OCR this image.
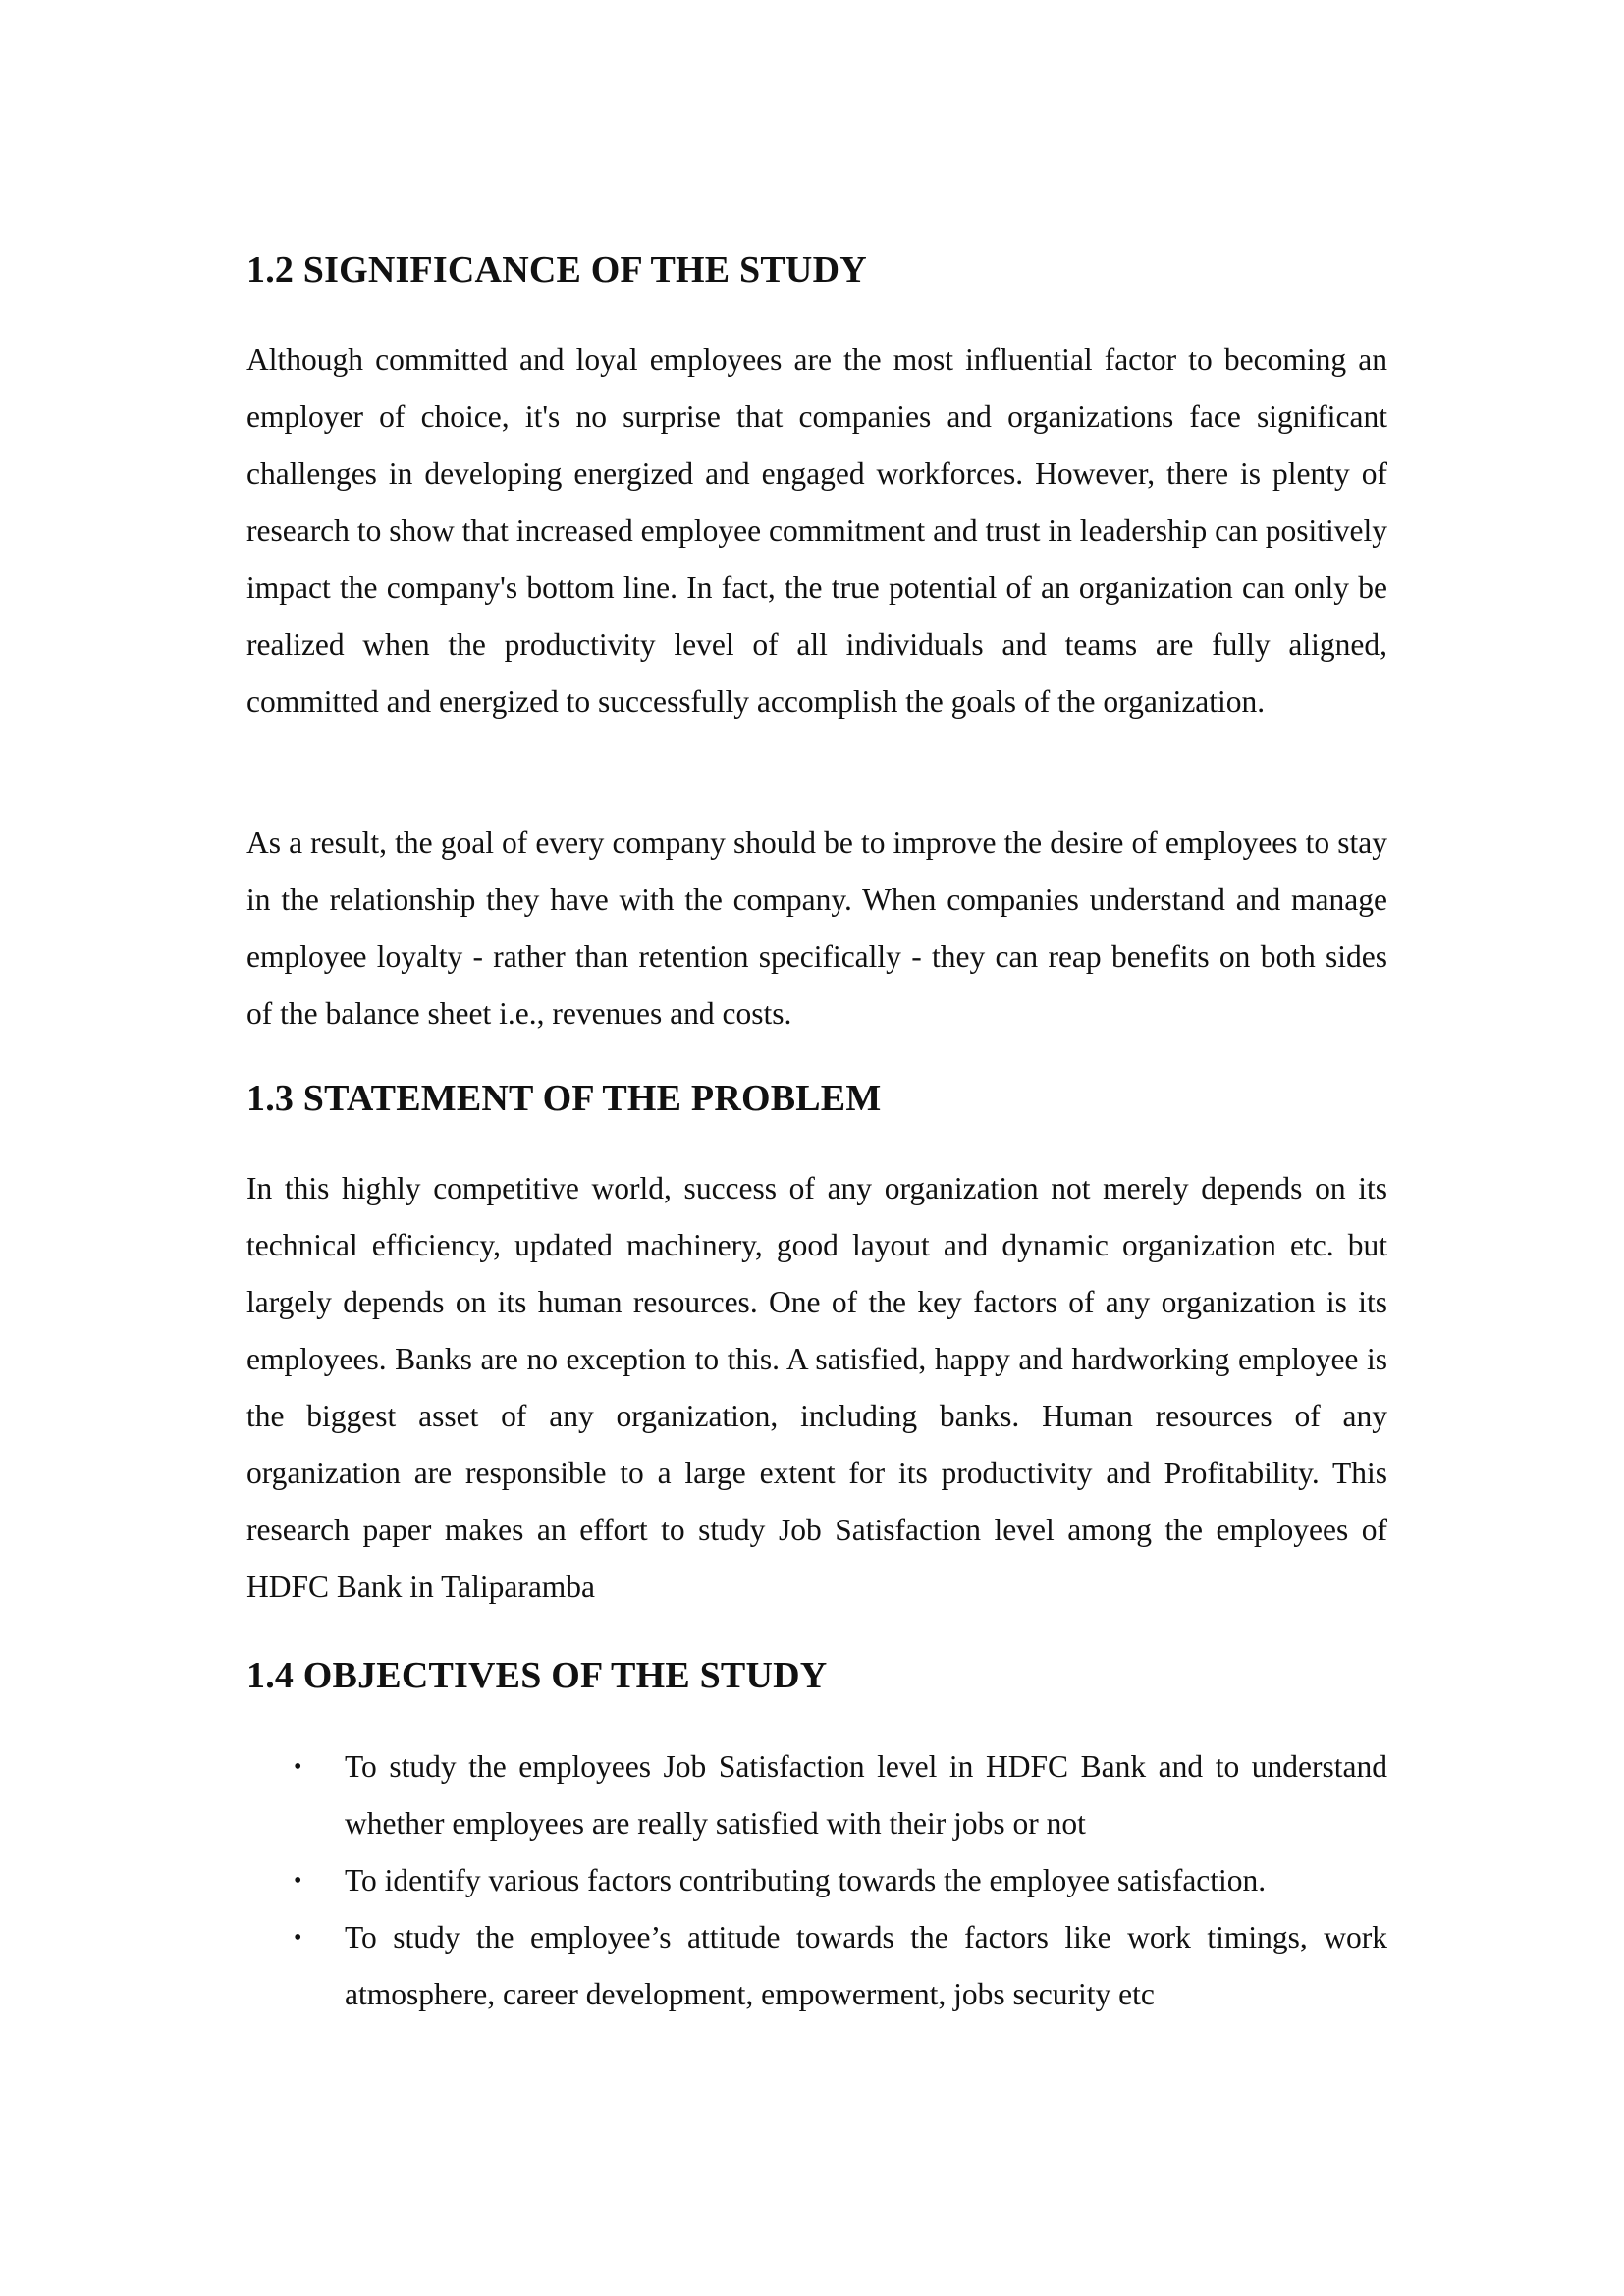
1.2 SIGNIFICANCE OF THE STUDY

Although committed and loyal employees are the most influential factor to becoming an employer of choice, it's no surprise that companies and organizations face significant challenges in developing energized and engaged workforces. However, there is plenty of research to show that increased employee commitment and trust in leadership can positively impact the company's bottom line. In fact, the true potential of an organization can only be realized when the productivity level of all individuals and teams are fully aligned, committed and energized to successfully accomplish the goals of the organization.

As a result, the goal of every company should be to improve the desire of employees to stay in the relationship they have with the company. When companies understand and manage employee loyalty - rather than retention specifically - they can reap benefits on both sides of the balance sheet i.e., revenues and costs.

1.3 STATEMENT OF THE PROBLEM

In this highly competitive world, success of any organization not merely depends on its technical efficiency, updated machinery, good layout and dynamic organization etc. but largely depends on its human resources. One of the key factors of any organization is its employees. Banks are no exception to this. A satisfied, happy and hardworking employee is the biggest asset of any organization, including banks. Human resources of any organization are responsible to a large extent for its productivity and Profitability. This research paper makes an effort to study Job Satisfaction level among the employees of HDFC Bank in Taliparamba

1.4 OBJECTIVES OF THE STUDY
• To study the employees Job Satisfaction level in HDFC Bank and to understand whether employees are really satisfied with their jobs or not
• To identify various factors contributing towards the employee satisfaction.
• To study the employee’s attitude towards the factors like work timings, work atmosphere, career development, empowerment, jobs security etc
